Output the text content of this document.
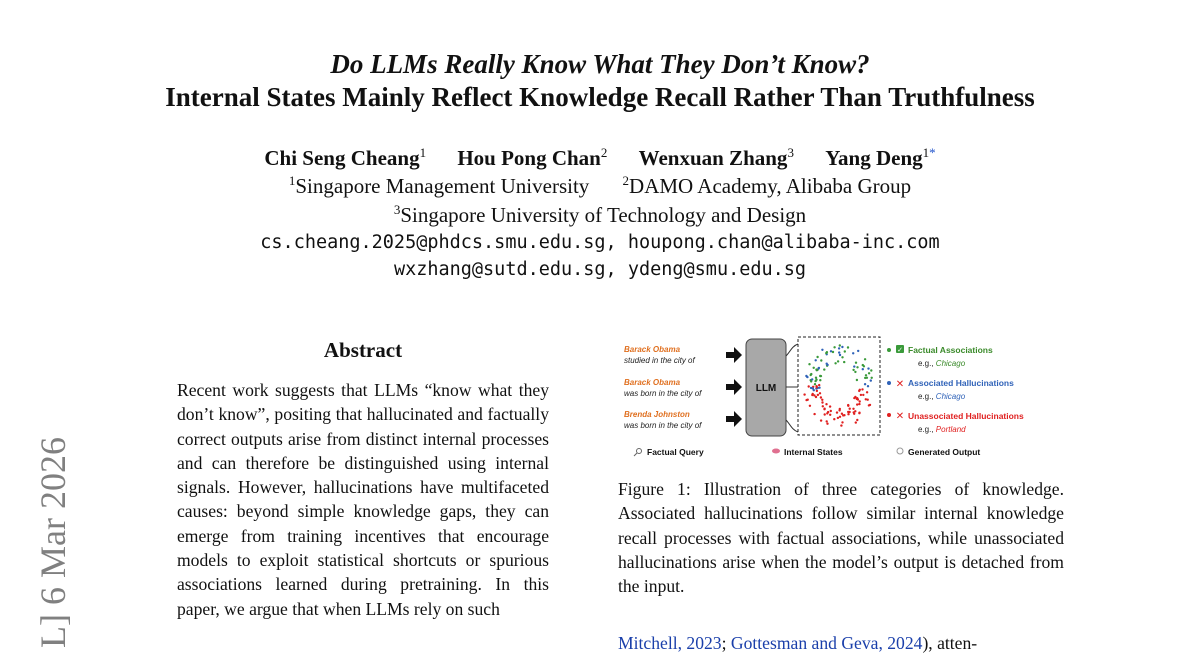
Do LLMs Really Know What They Don’t Know?
Internal States Mainly Reflect Knowledge Recall Rather Than Truthfulness
Chi Seng Cheang$^1$ Hou Pong Chan$^2$ Wenxuan Zhang$^3$ Yang Deng$^{1*}$
$^1$Singapore Management University	$^2$DAMO Academy, Alibaba Group
$^3$Singapore University of Technology and Design
cs.cheang.2025@phdcs.smu.edu.sg, houpong.chan@alibaba-inc.com
wxzhang@sutd.edu.sg, ydeng@smu.edu.sg
L] 6 Mar 2026
Abstract
Recent work suggests that LLMs “know what they don’t know”, positing that hallucinated and factually correct outputs arise from distinct internal processes and can therefore be distinguished using internal signals. However, hallucinations have multifaceted causes: beyond simple knowledge gaps, they can emerge from training incentives that encourage models to exploit statistical shortcuts or spurious associations learned during pretraining. In this paper, we argue that when LLMs rely on such
Barack Obama
studied in the city of
Barack Obama
was born in the city of
Brenda Johnston
was born in the city of
LLM
✓ Factual Associations
e.g., Chicago
✕ Associated Hallucinations
e.g., Chicago
✕ Unassociated Hallucinations
e.g., Portland
Factual Query	Internal States	Generated Output
Figure 1: Illustration of three categories of knowledge. Associated hallucinations follow similar internal knowledge recall processes with factual associations, while unassociated hallucinations arise when the model’s output is detached from the input.
Mitchell, 2023; Gottesman and Geva, 2024), atten-
